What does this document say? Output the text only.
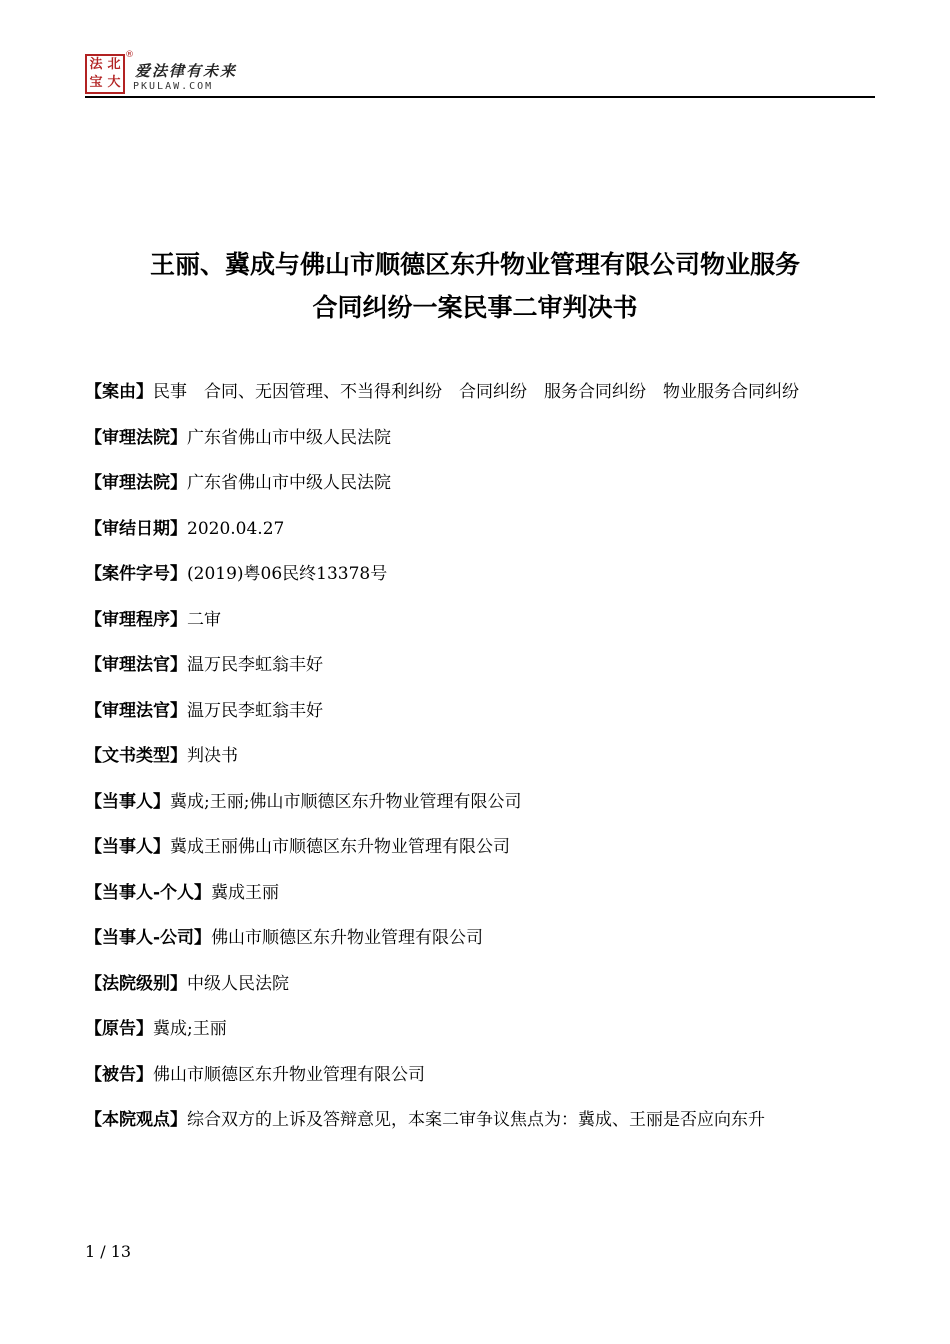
法 北
宝 大
®
爱法律有未来
PKULAW.COM
王丽、冀成与佛山市顺德区东升物业管理有限公司物业服务
合同纠纷一案民事二审判决书
【案由】民事　合同、无因管理、不当得利纠纷　合同纠纷　服务合同纠纷　物业服务合同纠纷
【审理法院】广东省佛山市中级人民法院
【审理法院】广东省佛山市中级人民法院
【审结日期】2020.04.27
【案件字号】(2019)粤06民终13378号
【审理程序】二审
【审理法官】温万民李虹翁丰好
【审理法官】温万民李虹翁丰好
【文书类型】判决书
【当事人】冀成;王丽;佛山市顺德区东升物业管理有限公司
【当事人】冀成王丽佛山市顺德区东升物业管理有限公司
【当事人-个人】冀成王丽
【当事人-公司】佛山市顺德区东升物业管理有限公司
【法院级别】中级人民法院
【原告】冀成;王丽
【被告】佛山市顺德区东升物业管理有限公司
【本院观点】综合双方的上诉及答辩意见，本案二审争议焦点为：冀成、王丽是否应向东升
1 / 13
